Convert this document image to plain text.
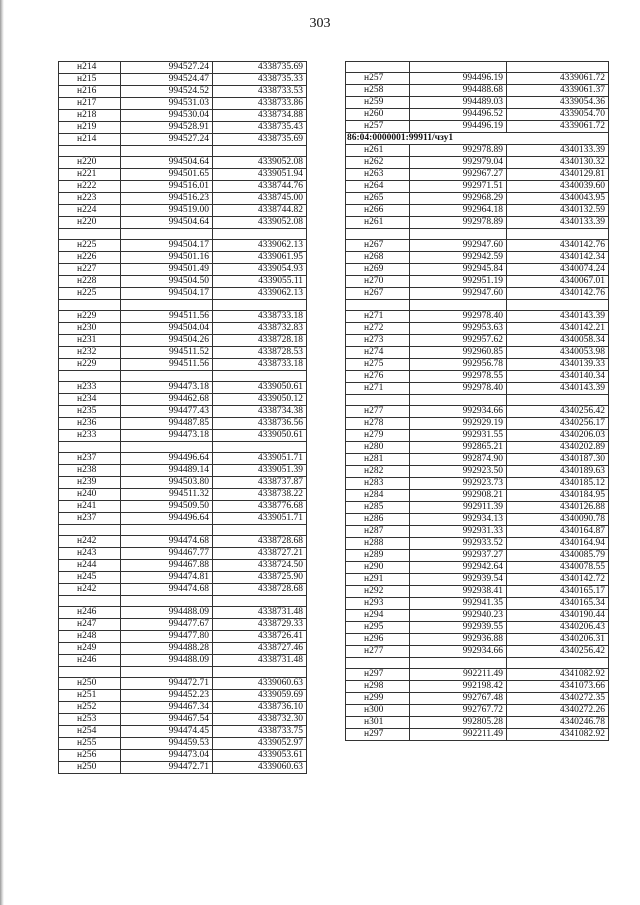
303
н214	994527.24	4338735.69
н215	994524.47	4338735.33
н216	994524.52	4338733.53
н217	994531.03	4338733.86
н218	994530.04	4338734.88
н219	994528.91	4338735.43
н214	994527.24	4338735.69

н220	994504.64	4339052.08
н221	994501.65	4339051.94
н222	994516.01	4338744.76
н223	994516.23	4338745.00
н224	994519.00	4338744.82
н220	994504.64	4339052.08

н225	994504.17	4339062.13
н226	994501.16	4339061.95
н227	994501.49	4339054.93
н228	994504.50	4339055.11
н225	994504.17	4339062.13

н229	994511.56	4338733.18
н230	994504.04	4338732.83
н231	994504.26	4338728.18
н232	994511.52	4338728.53
н229	994511.56	4338733.18

н233	994473.18	4339050.61
н234	994462.68	4339050.12
н235	994477.43	4338734.38
н236	994487.85	4338736.56
н233	994473.18	4339050.61

н237	994496.64	4339051.71
н238	994489.14	4339051.39
н239	994503.80	4338737.87
н240	994511.32	4338738.22
н241	994509.50	4338776.68
н237	994496.64	4339051.71

н242	994474.68	4338728.68
н243	994467.77	4338727.21
н244	994467.88	4338724.50
н245	994474.81	4338725.90
н242	994474.68	4338728.68

н246	994488.09	4338731.48
н247	994477.67	4338729.33
н248	994477.80	4338726.41
н249	994488.28	4338727.46
н246	994488.09	4338731.48

н250	994472.71	4339060.63
н251	994452.23	4339059.69
н252	994467.34	4338736.10
н253	994467.54	4338732.30
н254	994474.45	4338733.75
н255	994459.53	4339052.97
н256	994473.04	4339053.61
н250	994472.71	4339060.63

н257	994496.19	4339061.72
н258	994488.68	4339061.37
н259	994489.03	4339054.36
н260	994496.52	4339054.70
н257	994496.19	4339061.72
86:04:0000001:99911/чзу1		
н261	992978.89	4340133.39
н262	992979.04	4340130.32
н263	992967.27	4340129.81
н264	992971.51	4340039.60
н265	992968.29	4340043.95
н266	992964.18	4340132.59
н261	992978.89	4340133.39

н267	992947.60	4340142.76
н268	992942.59	4340142.34
н269	992945.84	4340074.24
н270	992951.19	4340067.01
н267	992947.60	4340142.76

н271	992978.40	4340143.39
н272	992953.63	4340142.21
н273	992957.62	4340058.34
н274	992960.85	4340053.98
н275	992956.78	4340139.33
н276	992978.55	4340140.34
н271	992978.40	4340143.39

н277	992934.66	4340256.42
н278	992929.19	4340256.17
н279	992931.55	4340206.03
н280	992865.21	4340202.89
н281	992874.90	4340187.30
н282	992923.50	4340189.63
н283	992923.73	4340185.12
н284	992908.21	4340184.95
н285	992911.39	4340126.88
н286	992934.13	4340090.78
н287	992931.33	4340164.87
н288	992933.52	4340164.94
н289	992937.27	4340085.79
н290	992942.64	4340078.55
н291	992939.54	4340142.72
н292	992938.41	4340165.17
н293	992941.35	4340165.34
н294	992940.23	4340190.44
н295	992939.55	4340206.43
н296	992936.88	4340206.31
н277	992934.66	4340256.42

н297	992211.49	4341082.92
н298	992198.42	4341073.66
н299	992767.48	4340272.35
н300	992767.72	4340272.26
н301	992805.28	4340246.78
н297	992211.49	4341082.92
